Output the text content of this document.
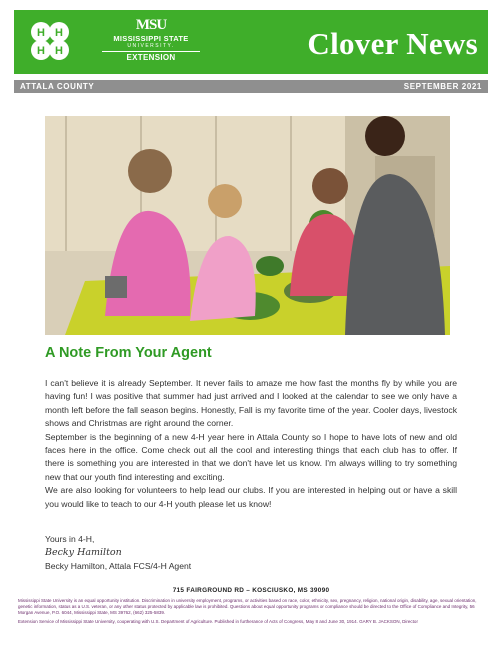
H H
H H
MSU
MISSISSIPPI STATE
UNIVERSITY.
EXTENSION	Clover News
ATTALA COUNTY	SEPTEMBER 2021
A Note From Your Agent

I can't believe it is already September. It never fails to amaze me how fast the months fly by while you are having fun! I was positive that summer had just arrived and I looked at the calendar to see we only have a month left before the fall season begins. Honestly, Fall is my favorite time of the year. Cooler days, livestock shows and Christmas are right around the corner.

September is the beginning of a new 4-H year here in Attala County so I hope to have lots of new and old faces here in the office. Come check out all the cool and interesting things that each club has to offer. If there is something you are interested in that we don't have let us know. I'm always willing to try something new that our youth find interesting and exciting.

We are also looking for volunteers to help lead our clubs. If you are interested in helping out or have a skill you would like to teach to our 4-H youth please let us know!

Yours in 4-H,
Becky Hamilton
Becky Hamilton, Attala FCS/4-H Agent
715 FAIRGROUND RD – KOSCIUSKO, MS 39090

Mississippi State University is an equal opportunity institution. Discrimination in university employment, programs, or activities based on race, color, ethnicity, sex, pregnancy, religion, national origin, disability, age, sexual orientation, genetic information, status as a U.S. veteran, or any other status protected by applicable law is prohibited. Questions about equal opportunity programs or compliance should be directed to the Office of Compliance and Integrity, 56 Morgan Avenue, P.O. 6044, Mississippi State, MS 39762, (662) 325-5839.

Extension Service of Mississippi State University, cooperating with U.S. Department of Agriculture. Published in furtherance of Acts of Congress, May 8 and June 30, 1914. GARY B. JACKSON, Director
